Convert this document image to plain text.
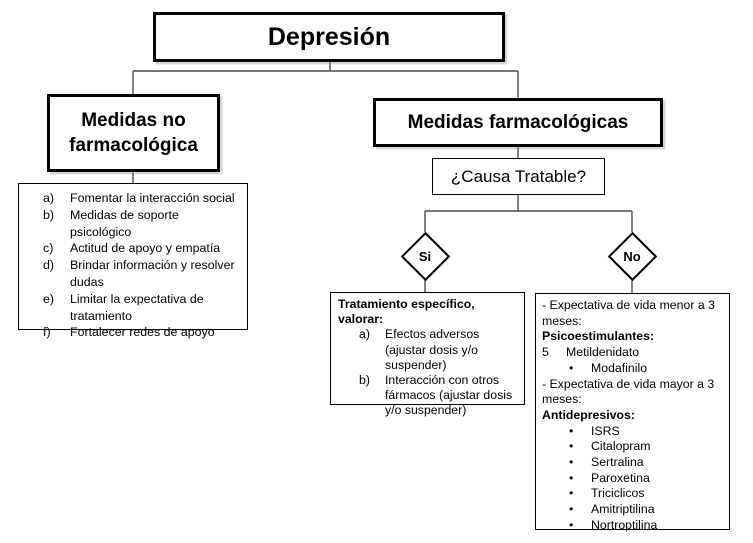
Depresión
Medidas no farmacológica
a)	Fomentar la interacción social
b)	Medidas de soporte psicológico
c)	Actitud de apoyo y empatía
d)	Brindar información y resolver dudas
e)	Limitar la expectativa de tratamiento
f)	Fortalecer redes de apoyo
Medidas farmacológicas
¿Causa Tratable?
Si	No
Tratamiento específico, valorar:
a)	Efectos adversos (ajustar dosis y/o suspender)
b)	Interacción con otros fármacos (ajustar dosis y/o suspender)
- Expectativa de vida menor a 3 meses:
Psicoestimulantes:
5	Metildenidato
•	Modafinilo
- Expectativa de vida mayor a 3 meses:
Antidepresivos:
•	ISRS
•	Citalopram
•	Sertralina
•	Paroxetina
•	Triciclicos
•	Amitriptilina
•	Nortroptilina
